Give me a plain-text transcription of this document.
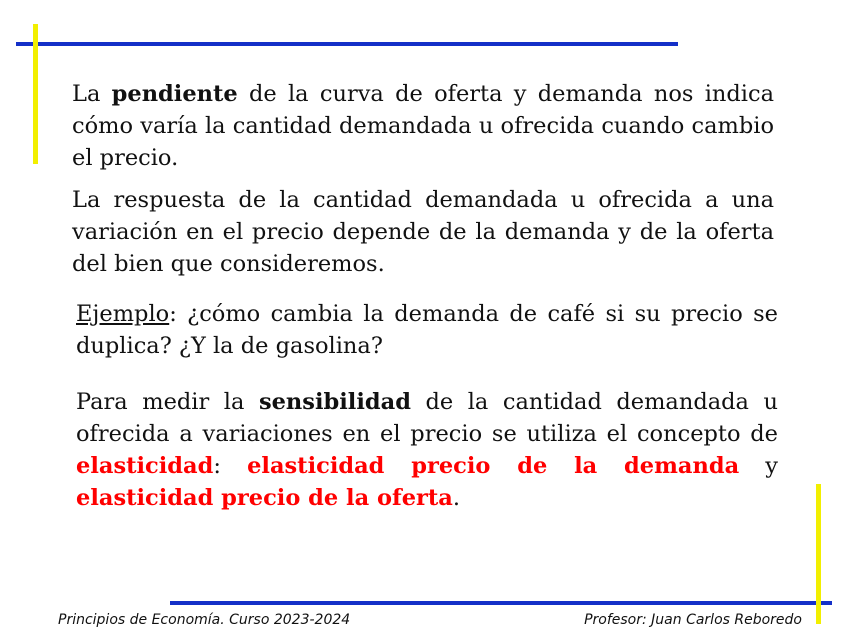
La pendiente de la curva de oferta y demanda nos indica cómo varía la cantidad demandada u ofrecida cuando cambio el precio.

La respuesta de la cantidad demandada u ofrecida a una variación en el precio depende de la demanda y de la oferta del bien que consideremos.

Ejemplo: ¿cómo cambia la demanda de café si su precio se duplica? ¿Y la de gasolina?

Para medir la sensibilidad de la cantidad demandada u ofrecida a variaciones en el precio se utiliza el concepto de elasticidad: elasticidad precio de la demanda y elasticidad precio de la oferta.

Principios de Economía. Curso 2023-2024	Profesor: Juan Carlos Reboredo
